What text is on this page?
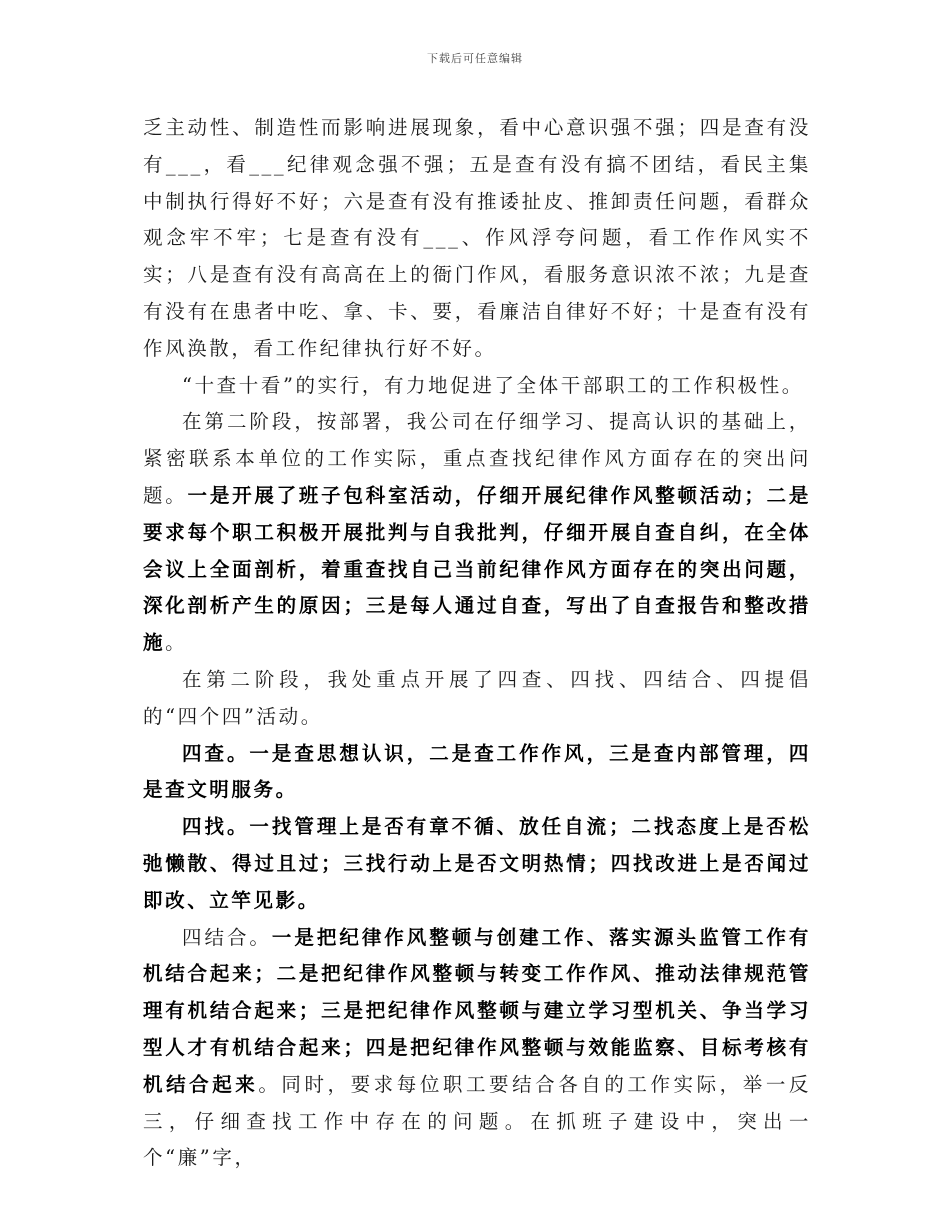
下载后可任意编辑

乏主动性、制造性而影响进展现象，看中心意识强不强；四是查有没有___，看___纪律观念强不强；五是查有没有搞不团结，看民主集中制执行得好不好；六是查有没有推诿扯皮、推卸责任问题，看群众观念牢不牢；七是查有没有___、作风浮夸问题，看工作作风实不实；八是查有没有高高在上的衙门作风，看服务意识浓不浓；九是查有没有在患者中吃、拿、卡、要，看廉洁自律好不好；十是查有没有作风涣散，看工作纪律执行好不好。

“十查十看”的实行，有力地促进了全体干部职工的工作积极性。

在第二阶段，按部署，我公司在仔细学习、提高认识的基础上，紧密联系本单位的工作实际，重点查找纪律作风方面存在的突出问题。一是开展了班子包科室活动，仔细开展纪律作风整顿活动；二是要求每个职工积极开展批判与自我批判，仔细开展自查自纠，在全体会议上全面剖析，着重查找自己当前纪律作风方面存在的突出问题，深化剖析产生的原因；三是每人通过自查，写出了自查报告和整改措施。

在第二阶段，我处重点开展了四查、四找、四结合、四提倡的“四个四”活动。

四查。一是查思想认识，二是查工作作风，三是查内部管理，四是查文明服务。

四找。一找管理上是否有章不循、放任自流；二找态度上是否松弛懒散、得过且过；三找行动上是否文明热情；四找改进上是否闻过即改、立竿见影。

四结合。一是把纪律作风整顿与创建工作、落实源头监管工作有机结合起来；二是把纪律作风整顿与转变工作作风、推动法律规范管理有机结合起来；三是把纪律作风整顿与建立学习型机关、争当学习型人才有机结合起来；四是把纪律作风整顿与效能监察、目标考核有机结合起来。同时，要求每位职工要结合各自的工作实际，举一反三，仔细查找工作中存在的问题。在抓班子建设中，突出一个“廉”字，
